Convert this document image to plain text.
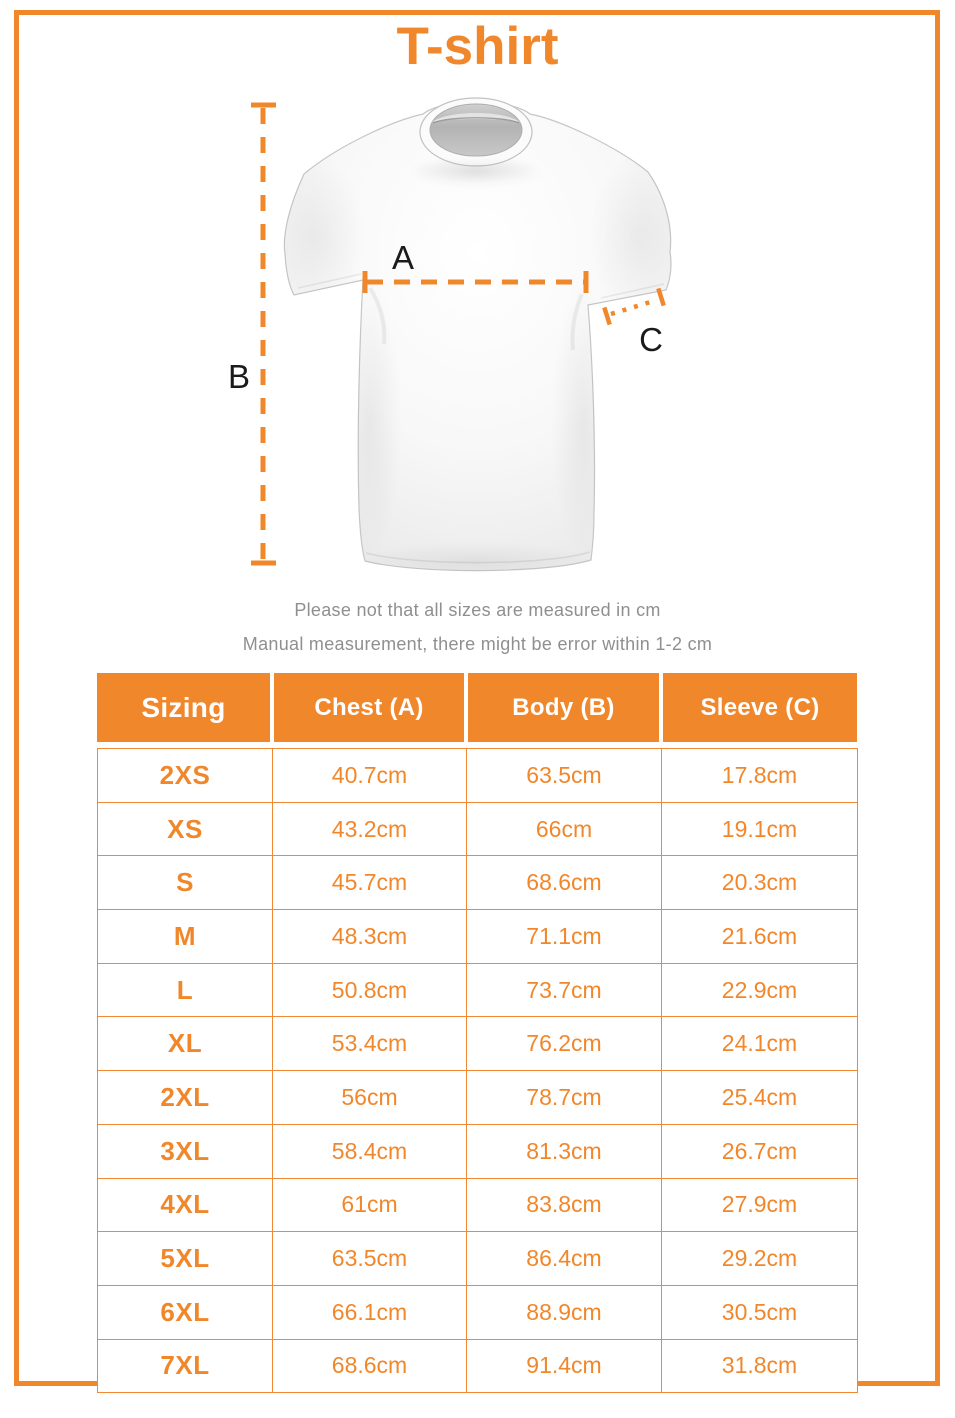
T-shirt
A
B
C

Please not that all sizes are measured in cm

Manual measurement, there might be error within 1-2 cm

Sizing	Chest (A)	Body (B)	Sleeve (C)
2XS	40.7cm	63.5cm	17.8cm
XS	43.2cm	66cm	19.1cm
S	45.7cm	68.6cm	20.3cm
M	48.3cm	71.1cm	21.6cm
L	50.8cm	73.7cm	22.9cm
XL	53.4cm	76.2cm	24.1cm
2XL	56cm	78.7cm	25.4cm
3XL	58.4cm	81.3cm	26.7cm
4XL	61cm	83.8cm	27.9cm
5XL	63.5cm	86.4cm	29.2cm
6XL	66.1cm	88.9cm	30.5cm
7XL	68.6cm	91.4cm	31.8cm
